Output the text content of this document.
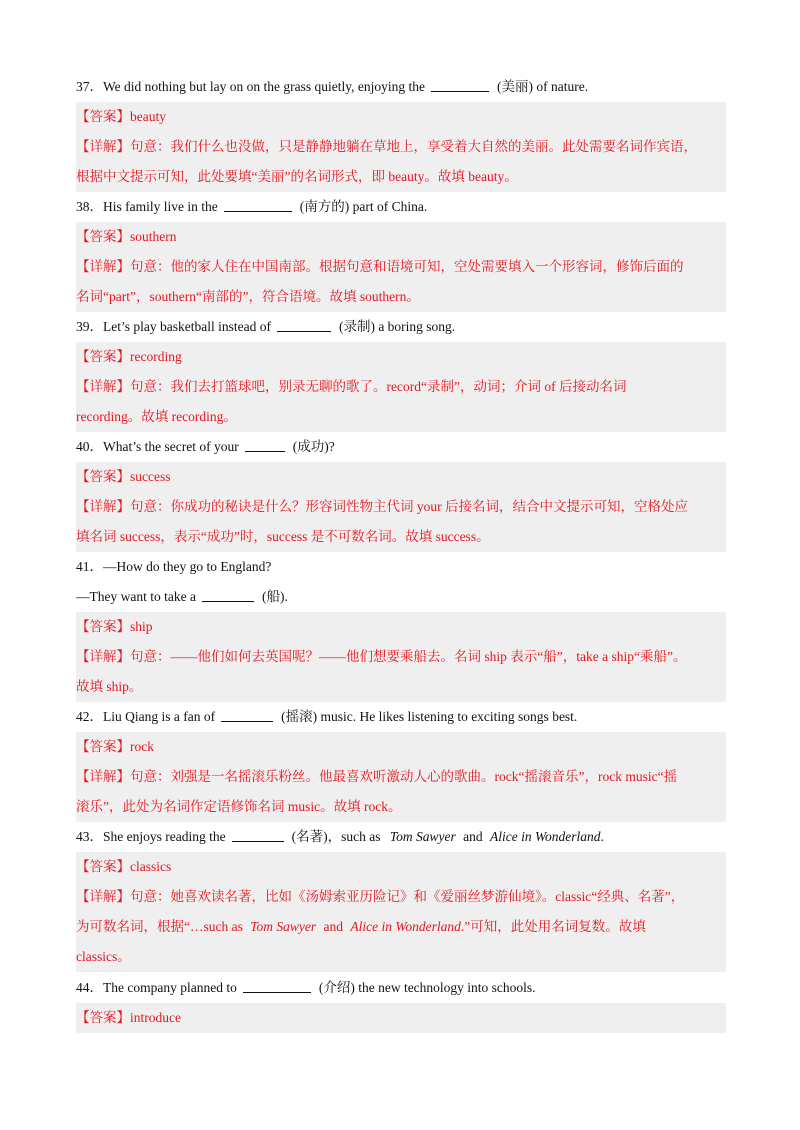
37．We did nothing but lay on on the grass quietly, enjoying the	(美丽) of nature.
【答案】beauty
【详解】句意：我们什么也没做，只是静静地躺在草地上，享受着大自然的美丽。此处需要名词作宾语，
根据中文提示可知，此处要填“美丽”的名词形式，即 beauty。故填 beauty。
38．His family live in the	(南方的) part of China.
【答案】southern
【详解】句意：他的家人住在中国南部。根据句意和语境可知，空处需要填入一个形容词，修饰后面的
名词“part”，southern“南部的”，符合语境。故填 southern。
39．Let’s play basketball instead of	(录制) a boring song.
【答案】recording
【详解】句意：我们去打篮球吧，别录无聊的歌了。record“录制”，动词；介词 of 后接动名词
recording。故填 recording。
40．What’s the secret of your	(成功)?
【答案】success
【详解】句意：你成功的秘诀是什么？形容词性物主代词 your 后接名词，结合中文提示可知，空格处应
填名词 success，表示“成功”时，success 是不可数名词。故填 success。
41．—How do they go to England?
—They want to take a	(船).
【答案】ship
【详解】句意：——他们如何去英国呢？——他们想要乘船去。名词 ship 表示“船”，take a ship“乘船”。
故填 ship。
42．Liu Qiang is a fan of	(摇滚) music. He likes listening to exciting songs best.
【答案】rock
【详解】句意：刘强是一名摇滚乐粉丝。他最喜欢听激动人心的歌曲。rock“摇滚音乐”，rock music“摇
滚乐”，此处为名词作定语修饰名词 music。故填 rock。
43．She enjoys reading the	(名著)，such as Tom Sawyer and Alice in Wonderland.
【答案】classics
【详解】句意：她喜欢读名著，比如《汤姆索亚历险记》和《爱丽丝梦游仙境》。classic“经典、名著”，
为可数名词，根据“…such as Tom Sawyer and Alice in Wonderland.”可知，此处用名词复数。故填
classics。
44．The company planned to	(介绍) the new technology into schools.
【答案】introduce
